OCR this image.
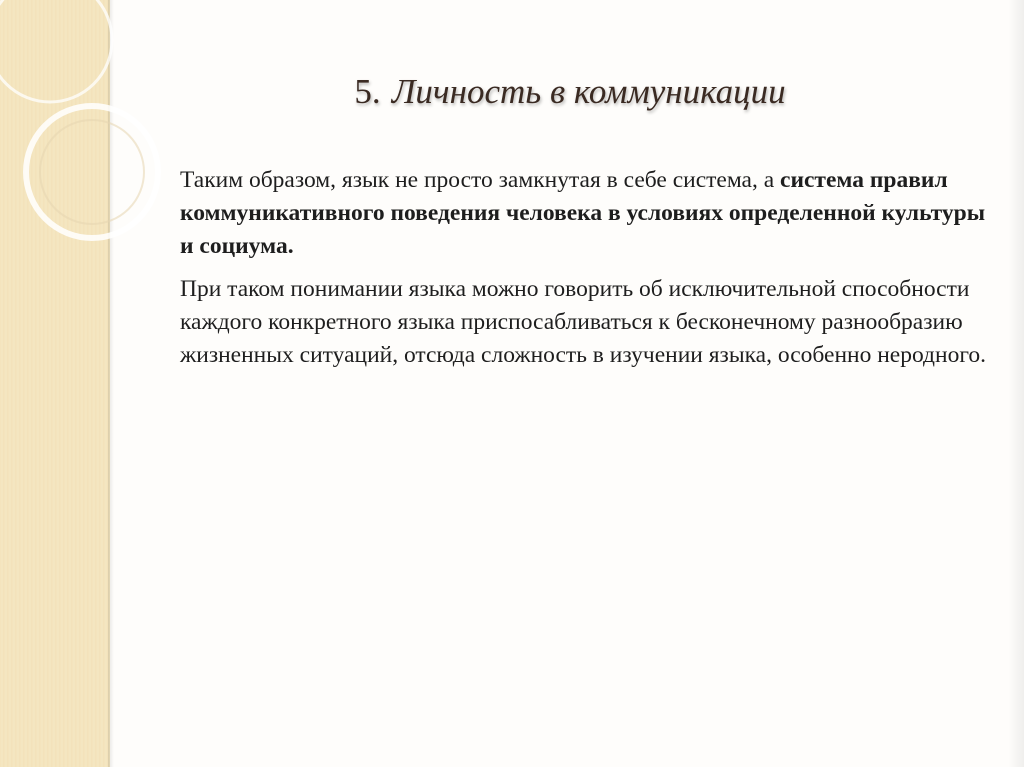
5. Личность в коммуникации

Таким образом, язык не просто замкнутая в себе система, а система правил коммуникативного поведения человека в условиях определенной культуры и социума.

При таком понимании языка можно говорить об исключительной способности каждого конкретного языка приспосабливаться к бесконечному разнообразию жизненных ситуаций, отсюда сложность в изучении языка, особенно неродного.
